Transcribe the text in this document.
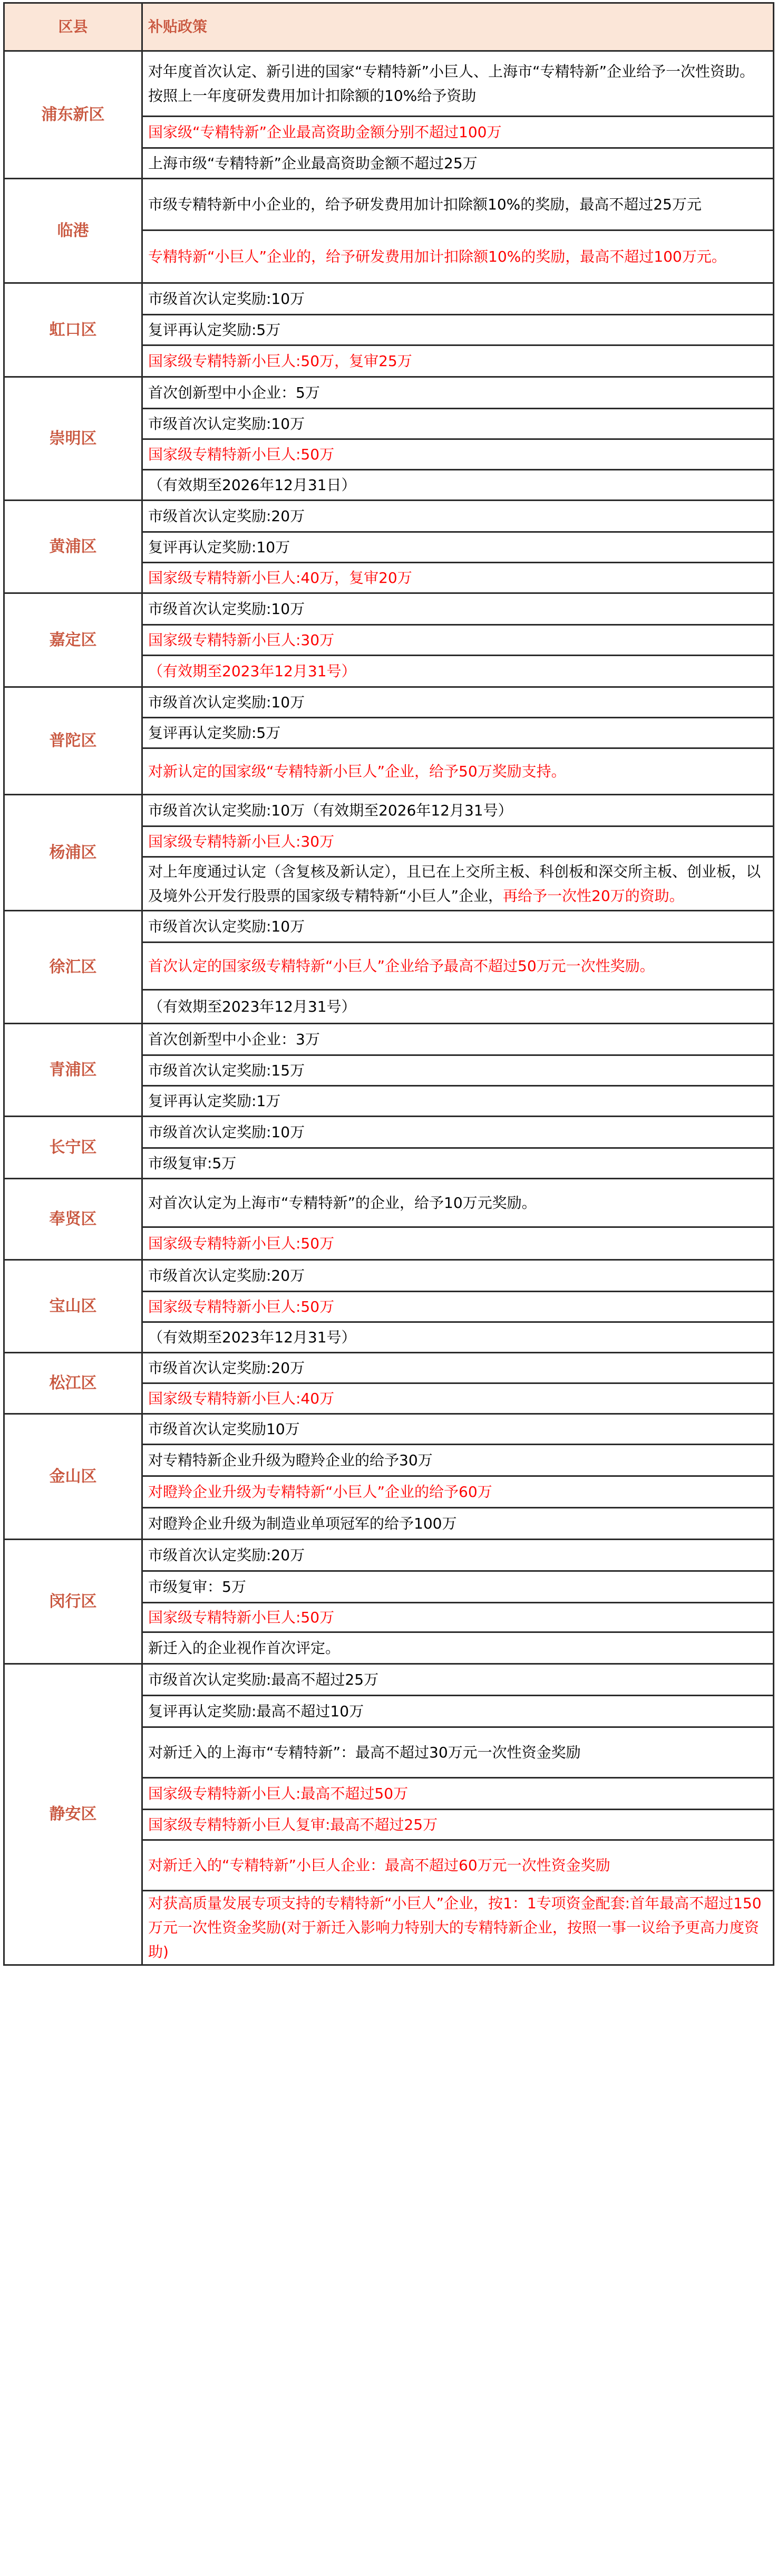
区县	补贴政策
浦东新区	对年度首次认定、新引进的国家“专精特新”小巨人、上海市“专精特新”企业给予一次性资助。按照上一年度研发费用加计扣除额的10%给予资助
	国家级“专精特新”企业最高资助金额分别不超过100万
	上海市级“专精特新”企业最高资助金额不超过25万
临港	市级专精特新中小企业的，给予研发费用加计扣除额10%的奖励，最高不超过25万元
	专精特新“小巨人”企业的，给予研发费用加计扣除额10%的奖励，最高不超过100万元。
虹口区	市级首次认定奖励:10万
	复评再认定奖励:5万
	国家级专精特新小巨人:50万，复审25万
崇明区	首次创新型中小企业：5万
	市级首次认定奖励:10万
	国家级专精特新小巨人:50万
	（有效期至2026年12月31日）
黄浦区	市级首次认定奖励:20万
	复评再认定奖励:10万
	国家级专精特新小巨人:40万，复审20万
嘉定区	市级首次认定奖励:10万
	国家级专精特新小巨人:30万
	（有效期至2023年12月31号）
普陀区	市级首次认定奖励:10万
	复评再认定奖励:5万
	对新认定的国家级“专精特新小巨人”企业，给予50万奖励支持。
杨浦区	市级首次认定奖励:10万（有效期至2026年12月31号）
	国家级专精特新小巨人:30万
	对上年度通过认定（含复核及新认定），且已在上交所主板、科创板和深交所主板、创业板，以及境外公开发行股票的国家级专精特新“小巨人”企业，再给予一次性20万的资助。
徐汇区	市级首次认定奖励:10万
	首次认定的国家级专精特新“小巨人”企业给予最高不超过50万元一次性奖励。
	（有效期至2023年12月31号）
青浦区	首次创新型中小企业：3万
	市级首次认定奖励:15万
	复评再认定奖励:1万
长宁区	市级首次认定奖励:10万
	市级复审:5万
奉贤区	对首次认定为上海市“专精特新”的企业，给予10万元奖励。
	国家级专精特新小巨人:50万
宝山区	市级首次认定奖励:20万
	国家级专精特新小巨人:50万
	（有效期至2023年12月31号）
松江区	市级首次认定奖励:20万
	国家级专精特新小巨人:40万
金山区	市级首次认定奖励10万
	对专精特新企业升级为瞪羚企业的给予30万
	对瞪羚企业升级为专精特新“小巨人”企业的给予60万
	对瞪羚企业升级为制造业单项冠军的给予100万
闵行区	市级首次认定奖励:20万
	市级复审：5万
	国家级专精特新小巨人:50万
	新迁入的企业视作首次评定。
静安区	市级首次认定奖励:最高不超过25万
	复评再认定奖励:最高不超过10万
	对新迁入的上海市“专精特新”：最高不超过30万元一次性资金奖励
	国家级专精特新小巨人:最高不超过50万
	国家级专精特新小巨人复审:最高不超过25万
	对新迁入的“专精特新”小巨人企业：最高不超过60万元一次性资金奖励
	对获高质量发展专项支持的专精特新“小巨人”企业，按1：1专项资金配套:首年最高不超过150万元一次性资金奖励(对于新迁入影响力特别大的专精特新企业，按照一事一议给予更高力度资助)
